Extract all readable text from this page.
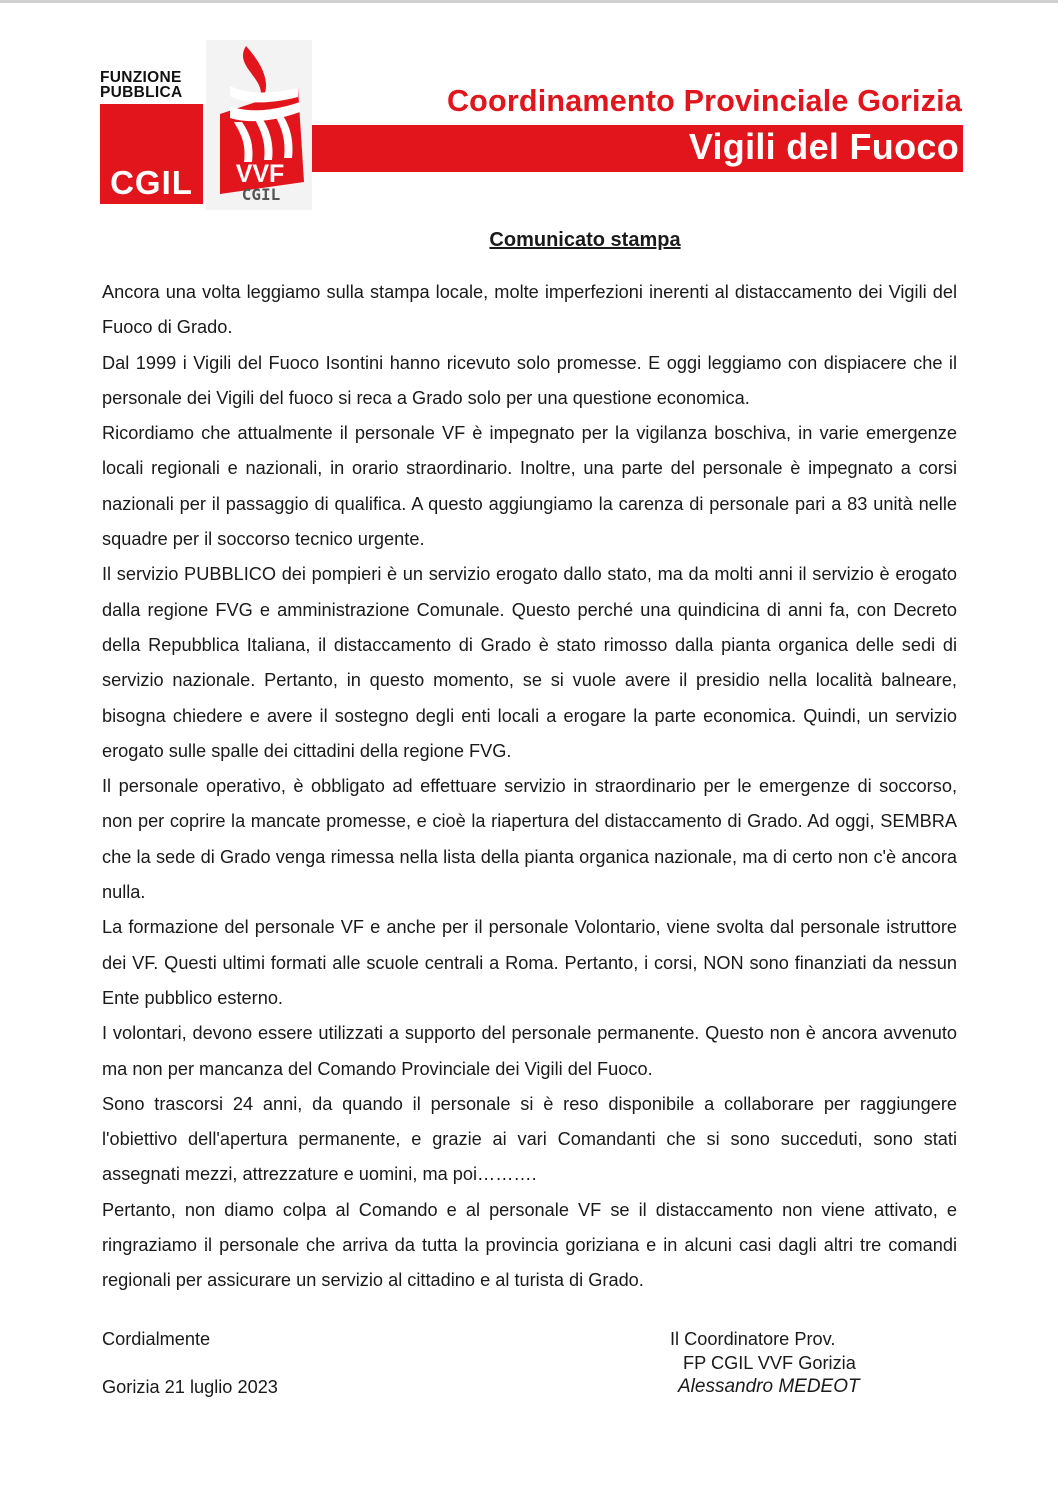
FUNZIONE
PUBBLICA
CGIL	VVF
CGIL
Coordinamento Provinciale Gorizia
Vigili del Fuoco
Comunicato stampa

Ancora una volta leggiamo sulla stampa locale, molte imperfezioni inerenti al distaccamento dei Vigili del Fuoco di Grado.

Dal 1999 i Vigili del Fuoco Isontini hanno ricevuto solo promesse. E oggi leggiamo con dispiacere che il personale dei Vigili del fuoco si reca a Grado solo per una questione economica.

Ricordiamo che attualmente il personale VF è impegnato per la vigilanza boschiva, in varie emergenze locali regionali e nazionali, in orario straordinario. Inoltre, una parte del personale è impegnato a corsi nazionali per il passaggio di qualifica. A questo aggiungiamo la carenza di personale pari a 83 unità nelle squadre per il soccorso tecnico urgente.

Il servizio PUBBLICO dei pompieri è un servizio erogato dallo stato, ma da molti anni il servizio è erogato dalla regione FVG e amministrazione Comunale. Questo perché una quindicina di anni fa, con Decreto della Repubblica Italiana, il distaccamento di Grado è stato rimosso dalla pianta organica delle sedi di servizio nazionale. Pertanto, in questo momento, se si vuole avere il presidio nella località balneare, bisogna chiedere e avere il sostegno degli enti locali a erogare la parte economica. Quindi, un servizio erogato sulle spalle dei cittadini della regione FVG.

Il personale operativo, è obbligato ad effettuare servizio in straordinario per le emergenze di soccorso, non per coprire la mancate promesse, e cioè la riapertura del distaccamento di Grado. Ad oggi, SEMBRA che la sede di Grado venga rimessa nella lista della pianta organica nazionale, ma di certo non c'è ancora nulla.

La formazione del personale VF e anche per il personale Volontario, viene svolta dal personale istruttore dei VF. Questi ultimi formati alle scuole centrali a Roma. Pertanto, i corsi, NON sono finanziati da nessun Ente pubblico esterno.

I volontari, devono essere utilizzati a supporto del personale permanente. Questo non è ancora avvenuto ma non per mancanza del Comando Provinciale dei Vigili del Fuoco.

Sono trascorsi 24 anni, da quando il personale si è reso disponibile a collaborare per raggiungere l'obiettivo dell'apertura permanente, e grazie ai vari Comandanti che si sono succeduti, sono stati assegnati mezzi, attrezzature e uomini, ma poi……….

Pertanto, non diamo colpa al Comando e al personale VF se il distaccamento non viene attivato, e ringraziamo il personale che arriva da tutta la provincia goriziana e in alcuni casi dagli altri tre comandi regionali per assicurare un servizio al cittadino e al turista di Grado.

Cordialmente
Gorizia 21 luglio 2023
Il Coordinatore Prov.
FP CGIL VVF Gorizia
Alessandro MEDEOT
